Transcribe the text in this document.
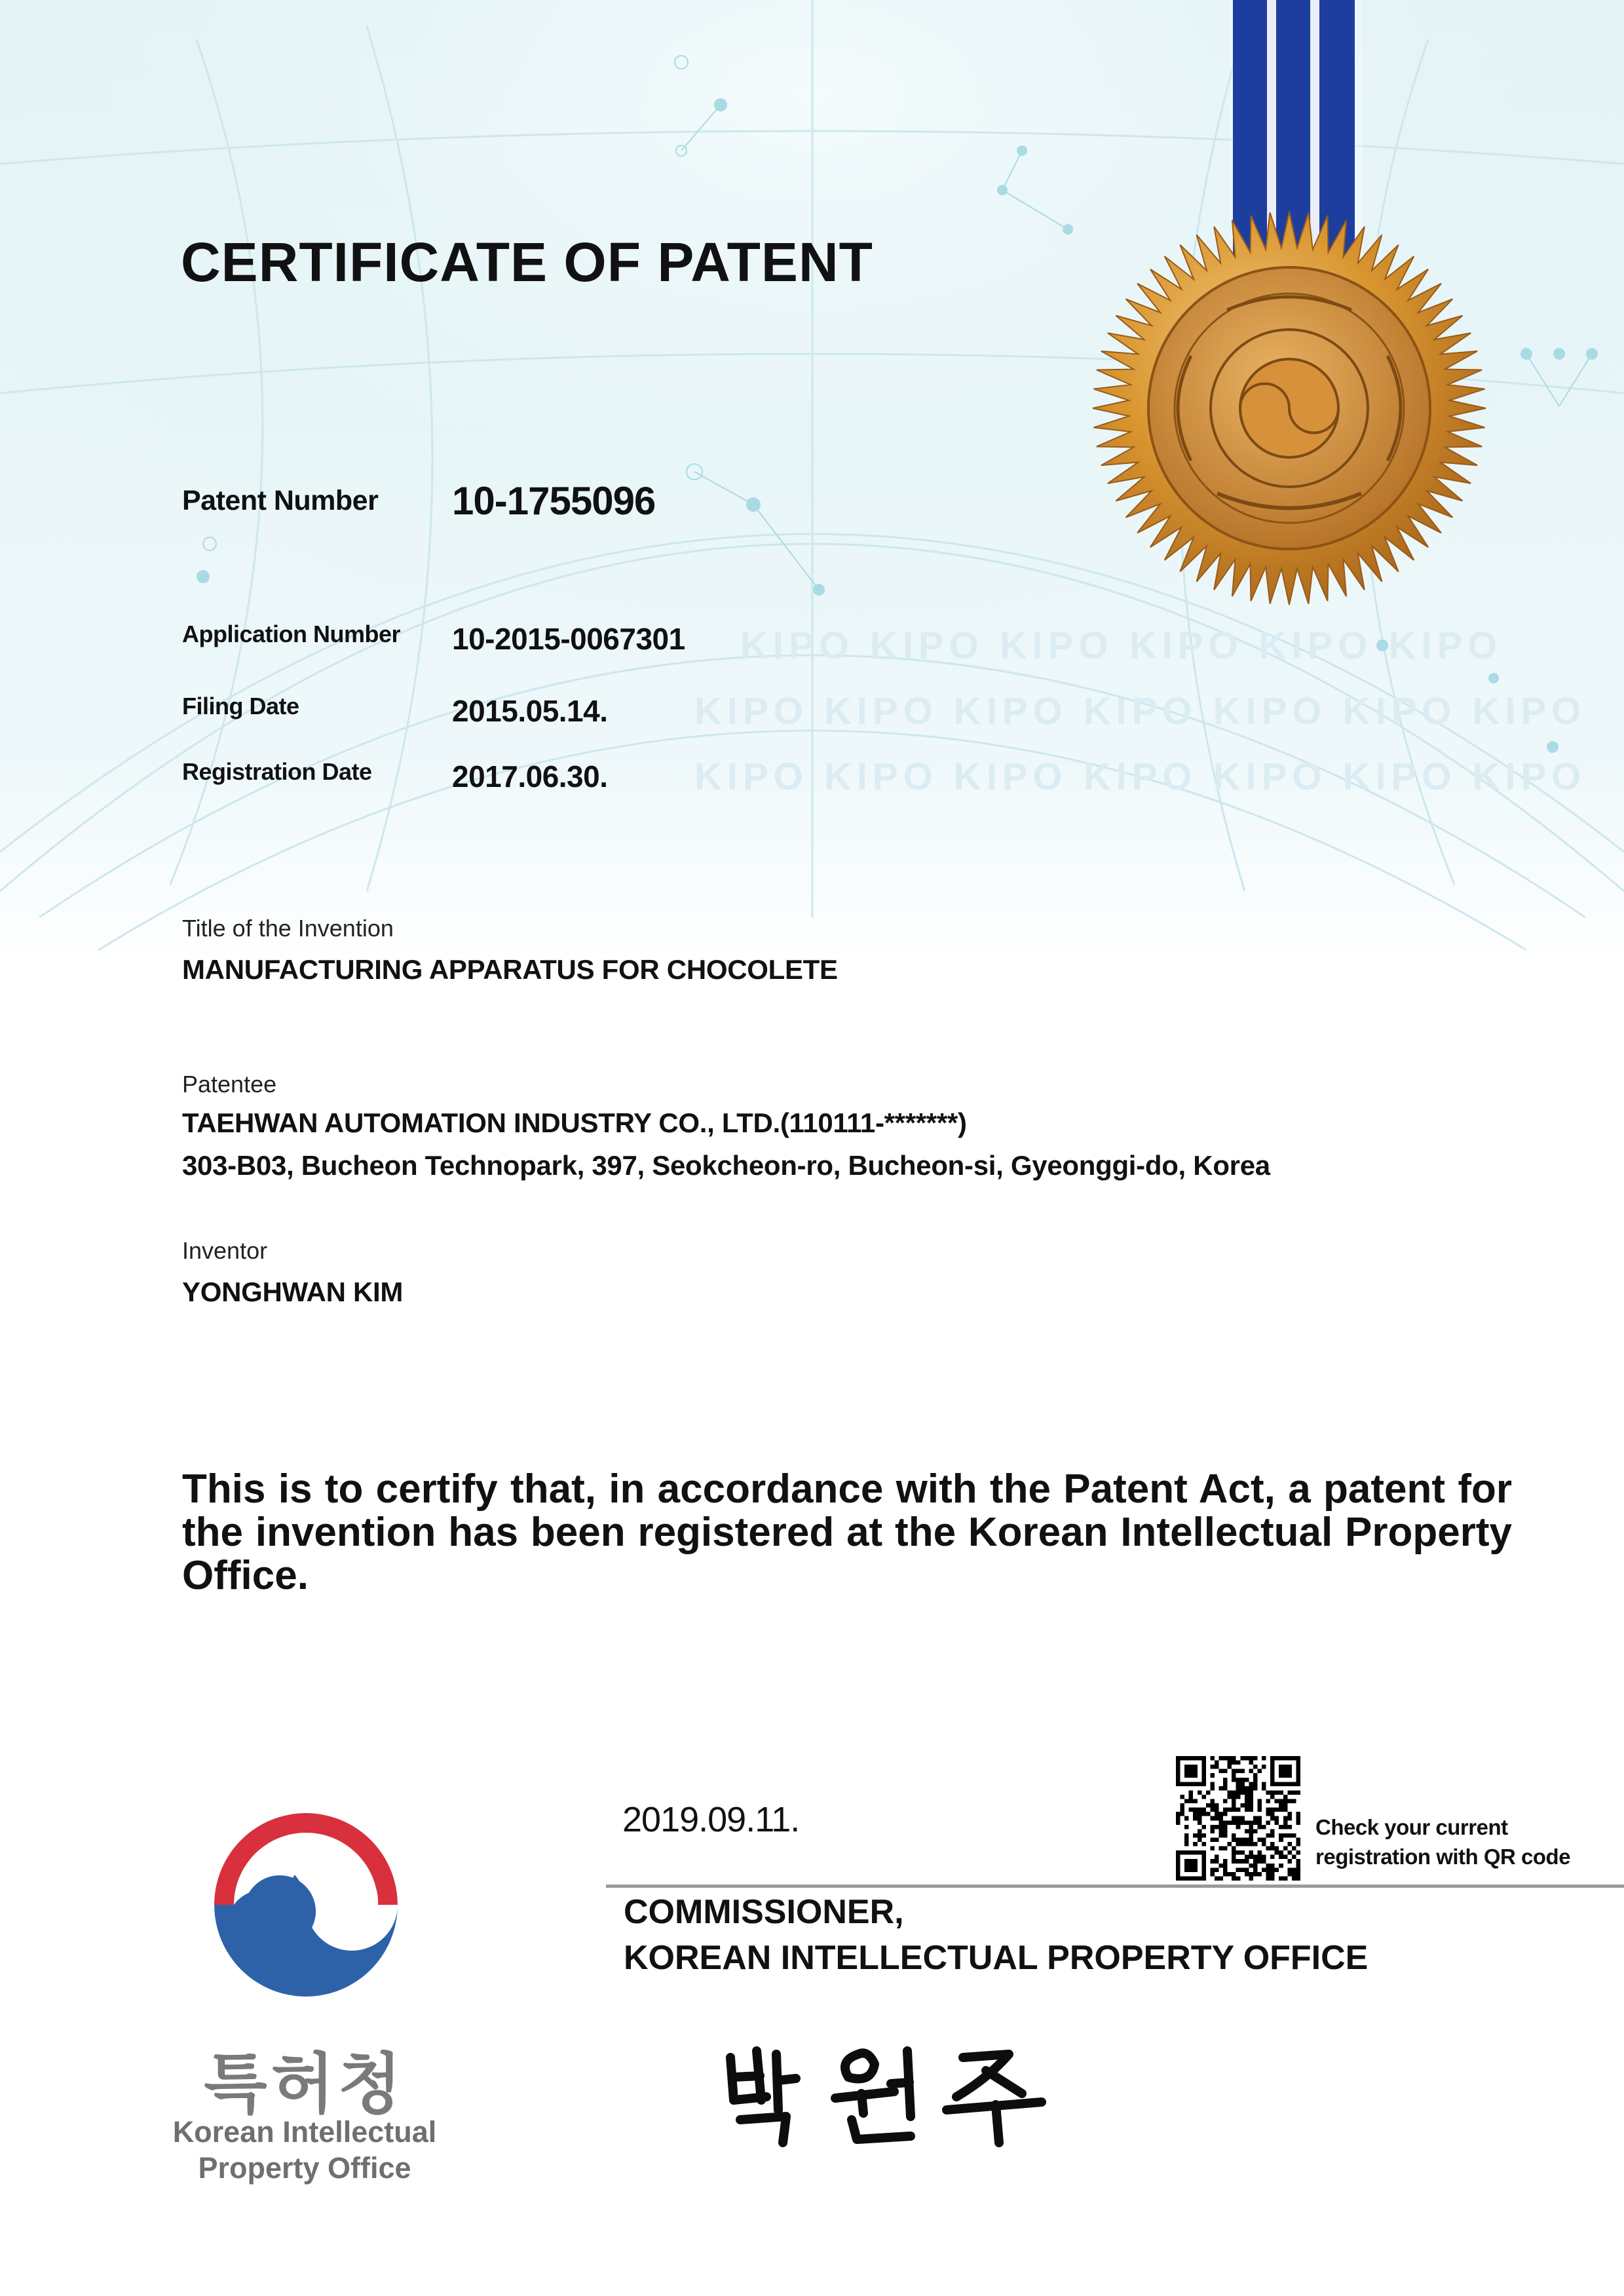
KIPO KIPO KIPO KIPO KIPO KIPO
KIPO KIPO KIPO KIPO KIPO KIPO KIPO
KIPO KIPO KIPO KIPO KIPO KIPO KIPO
CERTIFICATE OF PATENT
Patent Number 10-1755096
Application Number 10-2015-0067301
Filing Date	2015.05.14.
Registration Date	2017.06.30.
Title of the Invention
MANUFACTURING APPARATUS FOR CHOCOLETE
Patentee
TAEHWAN AUTOMATION INDUSTRY CO., LTD.(110111-*******)
303-B03, Bucheon Technopark, 397, Seokcheon-ro, Bucheon-si, Gyeonggi-do, Korea
Inventor
YONGHWAN KIM
This is to certify that, in accordance with the Patent Act, a patent for the invention has been registered at the Korean Intellectual Property Office.
2019.09.11.	Check your current
registration with QR code
COMMISSIONER,
KOREAN INTELLECTUAL PROPERTY OFFICE
특허청
Korean Intellectual
Property Office
